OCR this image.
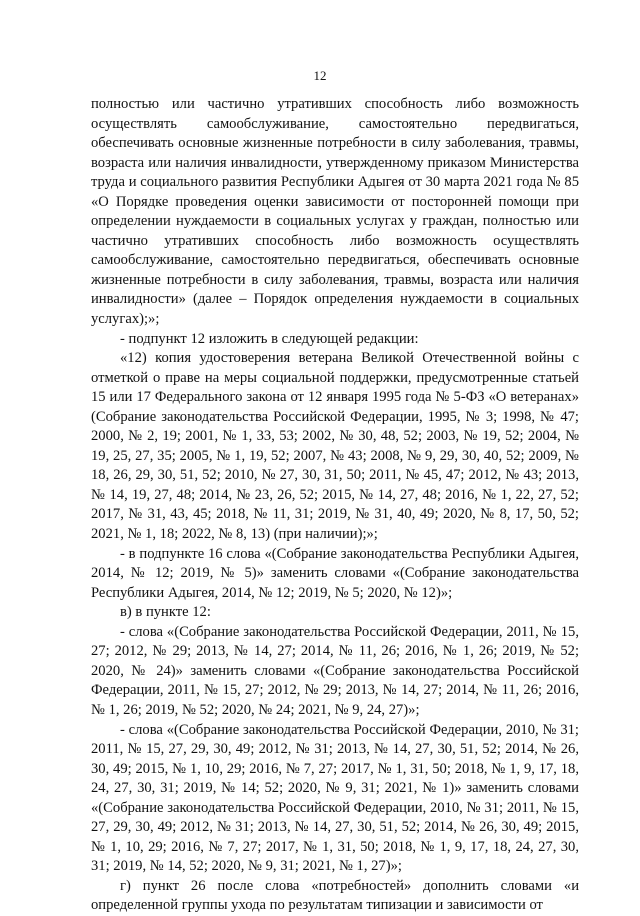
12

полностью или частично утративших способность либо возможность осуществлять самообслуживание, самостоятельно передвигаться, обеспечивать основные жизненные потребности в силу заболевания, травмы, возраста или наличия инвалидности, утвержденному приказом Министерства труда и социального развития Республики Адыгея от 30 марта 2021 года № 85 «О Порядке проведения оценки зависимости от посторонней помощи при определении нуждаемости в социальных услугах у граждан, полностью или частично утративших способность либо возможность осуществлять самообслуживание, самостоятельно передвигаться, обеспечивать основные жизненные потребности в силу заболевания, травмы, возраста или наличия инвалидности» (далее – Порядок определения нуждаемости в социальных услугах);»;

- подпункт 12 изложить в следующей редакции:

«12) копия удостоверения ветерана Великой Отечественной войны с отметкой о праве на меры социальной поддержки, предусмотренные статьей 15 или 17 Федерального закона от 12 января 1995 года № 5-ФЗ «О ветеранах» (Собрание законодательства Российской Федерации, 1995, № 3; 1998, № 47; 2000, № 2, 19; 2001, № 1, 33, 53; 2002, № 30, 48, 52; 2003, № 19, 52; 2004, № 19, 25, 27, 35; 2005, № 1, 19, 52; 2007, № 43; 2008, № 9, 29, 30, 40, 52; 2009, № 18, 26, 29, 30, 51, 52; 2010, № 27, 30, 31, 50; 2011, № 45, 47; 2012, № 43; 2013, № 14, 19, 27, 48; 2014, № 23, 26, 52; 2015, № 14, 27, 48; 2016, № 1, 22, 27, 52; 2017, № 31, 43, 45; 2018, № 11, 31; 2019, № 31, 40, 49; 2020, № 8, 17, 50, 52; 2021, № 1, 18; 2022, № 8, 13) (при наличии);»;

- в подпункте 16 слова «(Собрание законодательства Республики Адыгея, 2014, № 12; 2019, № 5)» заменить словами «(Собрание законодательства Республики Адыгея, 2014, № 12; 2019, № 5; 2020, № 12)»;

в) в пункте 12:

- слова «(Собрание законодательства Российской Федерации, 2011, № 15, 27; 2012, № 29; 2013, № 14, 27; 2014, № 11, 26; 2016, № 1, 26; 2019, № 52; 2020, № 24)» заменить словами «(Собрание законодательства Российской Федерации, 2011, № 15, 27; 2012, № 29; 2013, № 14, 27; 2014, № 11, 26; 2016, № 1, 26; 2019, № 52; 2020, № 24; 2021, № 9, 24, 27)»;

- слова «(Собрание законодательства Российской Федерации, 2010, № 31; 2011, № 15, 27, 29, 30, 49; 2012, № 31; 2013, № 14, 27, 30, 51, 52; 2014, № 26, 30, 49; 2015, № 1, 10, 29; 2016, № 7, 27; 2017, № 1, 31, 50; 2018, № 1, 9, 17, 18, 24, 27, 30, 31; 2019, № 14; 52; 2020, № 9, 31; 2021, № 1)» заменить словами «(Собрание законодательства Российской Федерации, 2010, № 31; 2011, № 15, 27, 29, 30, 49; 2012, № 31; 2013, № 14, 27, 30, 51, 52; 2014, № 26, 30, 49; 2015, № 1, 10, 29; 2016, № 7, 27; 2017, № 1, 31, 50; 2018, № 1, 9, 17, 18, 24, 27, 30, 31; 2019, № 14, 52; 2020, № 9, 31; 2021, № 1, 27)»;

г) пункт 26 после слова «потребностей» дополнить словами «и определенной группы ухода по результатам типизации и зависимости от
